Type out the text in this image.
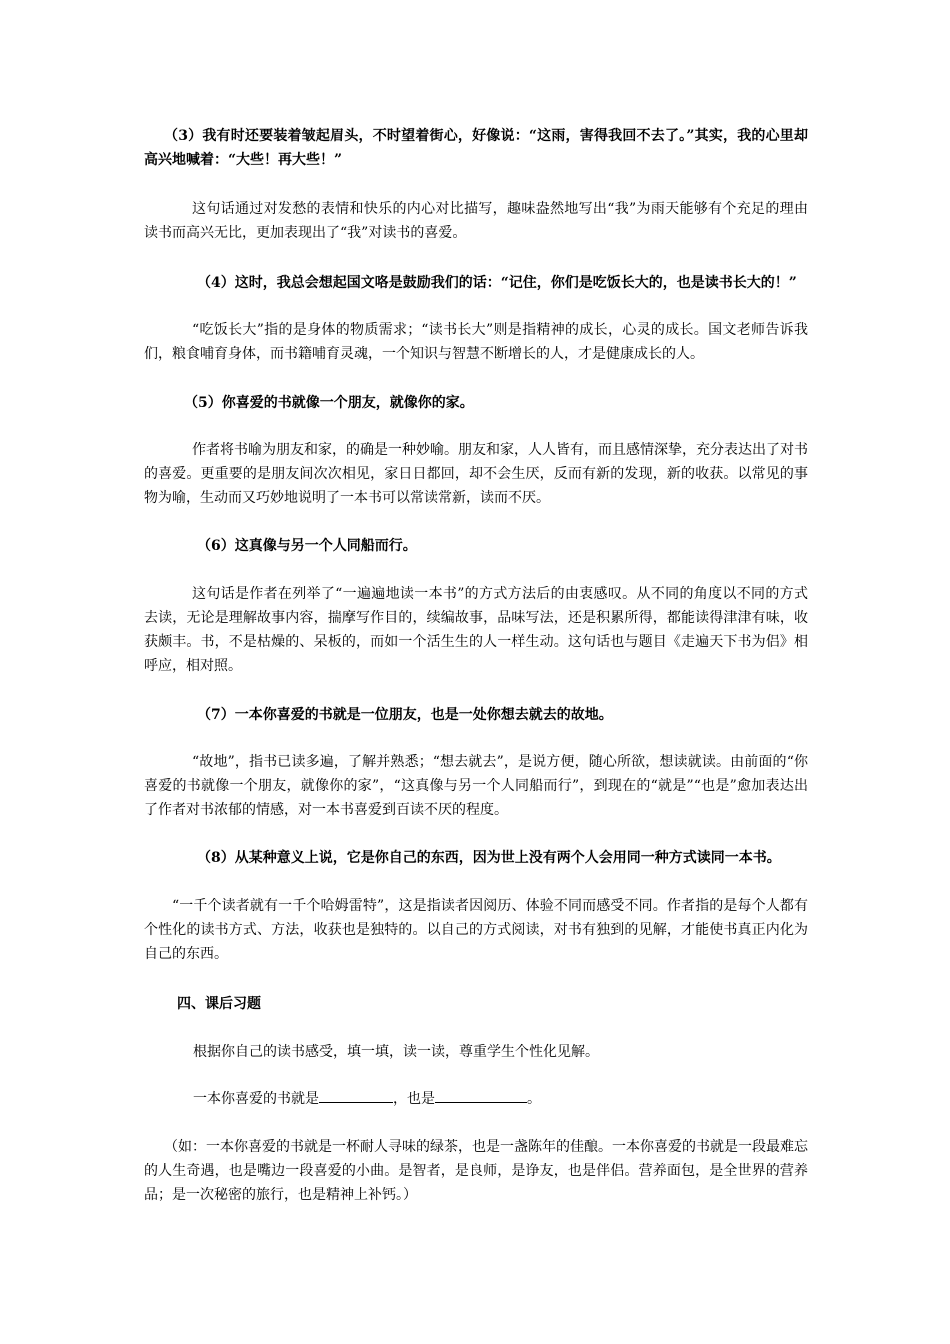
（3）我有时还要装着皱起眉头，不时望着街心，好像说：“这雨，害得我回不去了。”其实，我的心里却高兴地喊着：“大些！再大些！”

这句话通过对发愁的表情和快乐的内心对比描写，趣味盎然地写出“我”为雨天能够有个充足的理由读书而高兴无比，更加表现出了“我”对读书的喜爱。

（4）这时，我总会想起国文咯是鼓励我们的话：“记住，你们是吃饭长大的，也是读书长大的！”

“吃饭长大”指的是身体的物质需求；“读书长大”则是指精神的成长，心灵的成长。国文老师告诉我们，粮食哺育身体，而书籍哺育灵魂，一个知识与智慧不断增长的人，才是健康成长的人。

（5）你喜爱的书就像一个朋友，就像你的家。

作者将书喻为朋友和家，的确是一种妙喻。朋友和家，人人皆有，而且感情深挚，充分表达出了对书的喜爱。更重要的是朋友间次次相见，家日日都回，却不会生厌，反而有新的发现，新的收获。以常见的事物为喻，生动而又巧妙地说明了一本书可以常读常新，读而不厌。

（6）这真像与另一个人同船而行。

这句话是作者在列举了“一遍遍地读一本书”的方式方法后的由衷感叹。从不同的角度以不同的方式去读，无论是理解故事内容，揣摩写作目的，续编故事，品味写法，还是积累所得，都能读得津津有味，收获颇丰。书，不是枯燥的、呆板的，而如一个活生生的人一样生动。这句话也与题目《走遍天下书为侣》相呼应，相对照。

（7）一本你喜爱的书就是一位朋友，也是一处你想去就去的故地。

“故地”，指书已读多遍，了解并熟悉；“想去就去”，是说方便，随心所欲，想读就读。由前面的“你喜爱的书就像一个朋友，就像你的家”，“这真像与另一个人同船而行”，到现在的“就是”“也是”愈加表达出了作者对书浓郁的情感，对一本书喜爱到百读不厌的程度。

（8）从某种意义上说，它是你自己的东西，因为世上没有两个人会用同一种方式读同一本书。

“一千个读者就有一千个哈姆雷特”，这是指读者因阅历、体验不同而感受不同。作者指的是每个人都有个性化的读书方式、方法，收获也是独特的。以自己的方式阅读，对书有独到的见解，才能使书真正内化为自己的东西。

四、课后习题

根据你自己的读书感受，填一填，读一读，尊重学生个性化见解。

一本你喜爱的书就是	，也是	。

（如：一本你喜爱的书就是一杯耐人寻味的绿茶，也是一盏陈年的佳酿。一本你喜爱的书就是一段最难忘的人生奇遇，也是嘴边一段喜爱的小曲。是智者，是良师，是诤友，也是伴侣。营养面包，是全世界的营养品；是一次秘密的旅行，也是精神上补钙。）
